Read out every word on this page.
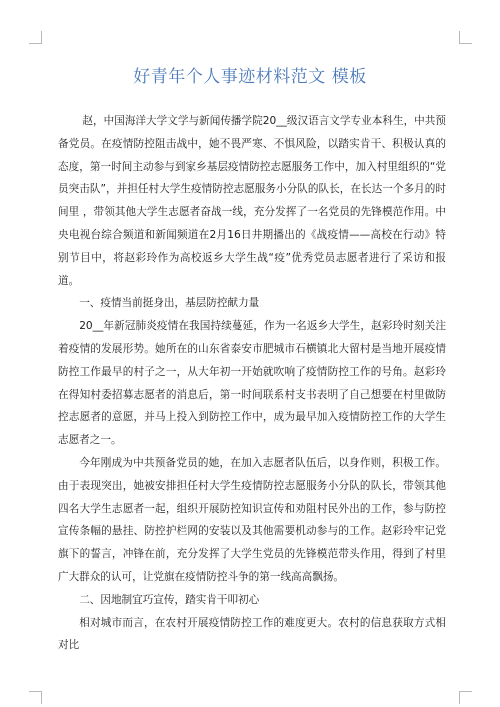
好青年个人事迹材料范文 模板

赵，中国海洋大学文学与新闻传播学院20__级汉语言文学专业本科生，中共预备党员。在疫情防控阻击战中，她不畏严寒、不惧风险，以踏实肯干、积极认真的态度，第一时间主动参与到家乡基层疫情防控志愿服务工作中，加入村里组织的“党员突击队”，并担任村大学生疫情防控志愿服务小分队的队长，在长达一个多月的时间里 ，带领其他大学生志愿者奋战一线，充分发挥了一名党员的先锋模范作用。中央电视台综合频道和新闻频道在2月16日井期播出的《战疫情——高校在行动》特别节目中，将赵彩玲作为高校返乡大学生战“疫”优秀党员志愿者进行了采访和报道。

一、疫情当前挺身出，基层防控献力量

20__年新冠肺炎疫情在我国持续蔓延，作为一名返乡大学生，赵彩玲时刻关注着疫情的发展形势。她所在的山东省泰安市肥城市石横镇北大留村是当地开展疫情防控工作最早的村子之一，从大年初一开始就吹响了疫情防控工作的号角。赵彩玲在得知村委招募志愿者的消息后，第一时间联系村支书表明了自己想要在村里做防控志愿者的意愿，并马上投入到防控工作中，成为最早加入疫情防控工作的大学生志愿者之一。

今年刚成为中共预备党员的她，在加入志愿者队伍后，以身作则，积极工作。由于表现突出，她被安排担任村大学生疫情防控志愿服务小分队的队长，带领其他四名大学生志愿者一起，组织开展防控知识宣传和劝阻村民外出的工作，参与防控宣传条幅的悬挂、防控护栏网的安装以及其他需要机动参与的工作。赵彩玲牢记党旗下的誓言，冲锋在前，充分发挥了大学生党员的先锋模范带头作用，得到了村里广大群众的认可，让党旗在疫情防控斗争的第一线高高飘扬。

二、因地制宜巧宣传，踏实肯干叩初心

相对城市而言，在农村开展疫情防控工作的难度更大。农村的信息获取方式相对比
